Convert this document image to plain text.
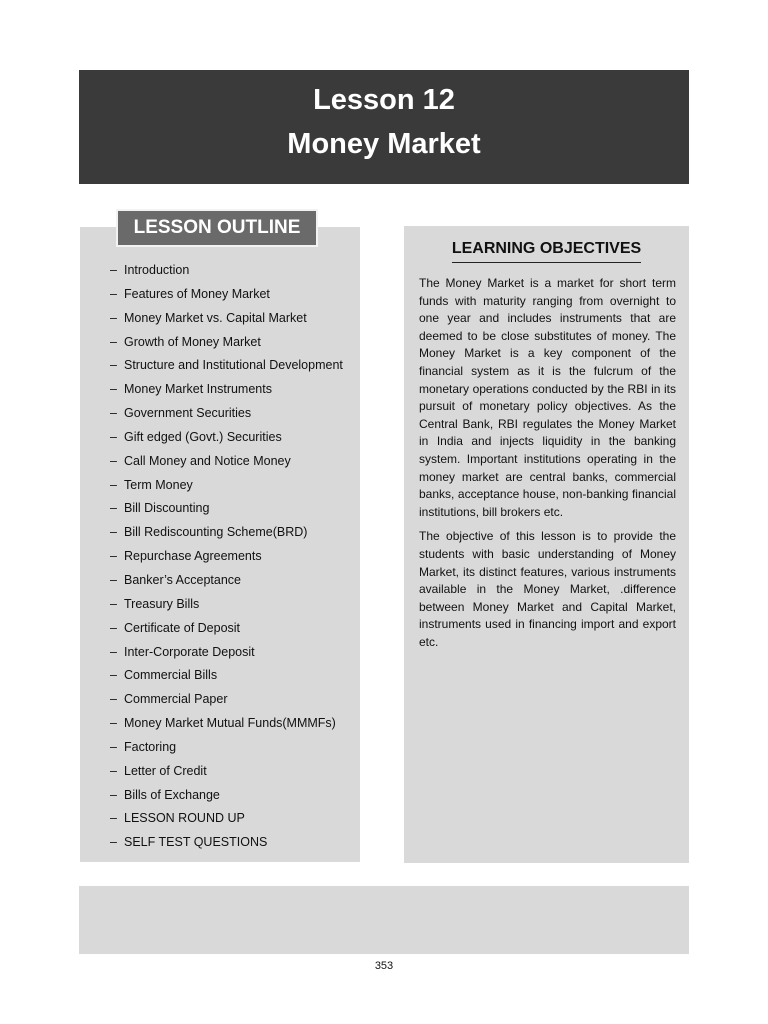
Lesson 12
Money Market
LESSON OUTLINE
– Introduction
– Features of Money Market
– Money Market vs. Capital Market
– Growth of Money Market
– Structure and Institutional Development
– Money Market Instruments
– Government Securities
– Gift edged (Govt.) Securities
– Call Money and Notice Money
– Term Money
– Bill Discounting
– Bill Rediscounting Scheme(BRD)
– Repurchase Agreements
– Banker’s Acceptance
– Treasury Bills
– Certificate of Deposit
– Inter-Corporate Deposit
– Commercial Bills
– Commercial Paper
– Money Market Mutual Funds(MMMFs)
– Factoring
– Letter of Credit
– Bills of Exchange
– LESSON ROUND UP
– SELF TEST QUESTIONS
LEARNING OBJECTIVES

The Money Market is a market for short term funds with maturity ranging from overnight to one year and includes instruments that are deemed to be close substitutes of money. The Money Market is a key component of the financial system as it is the fulcrum of the monetary operations conducted by the RBI in its pursuit of monetary policy objectives. As the Central Bank, RBI regulates the Money Market in India and injects liquidity in the banking system. Important institutions operating in the money market are central banks, commercial banks, acceptance house, non-banking financial institutions, bill brokers etc.

The objective of this lesson is to provide the students with basic understanding of Money Market, its distinct features, various instruments available in the Money Market, .difference between Money Market and Capital Market, instruments used in financing import and export etc.

353
